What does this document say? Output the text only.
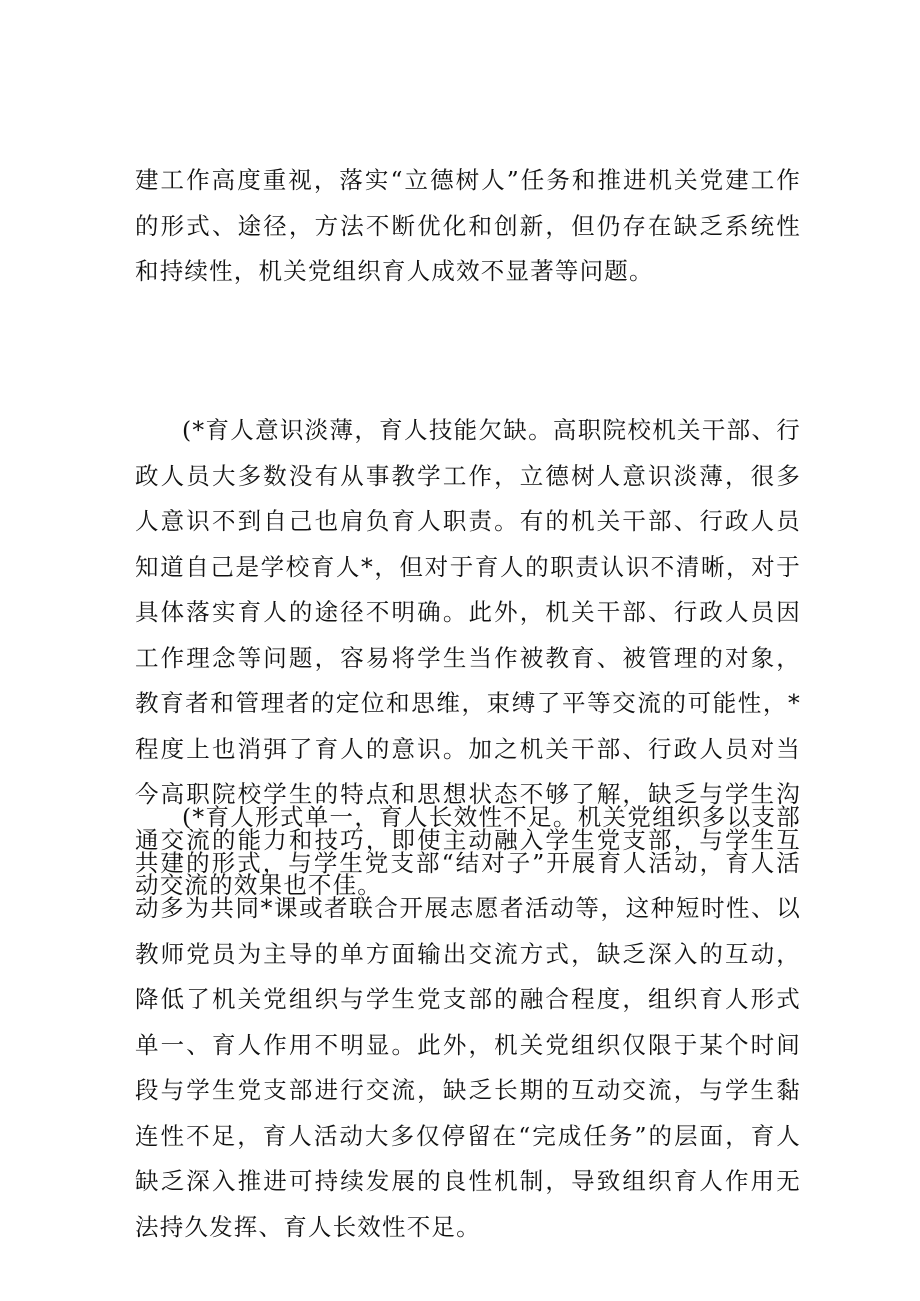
建工作高度重视，落实“立德树人”任务和推进机关党建工作的形式、途径，方法不断优化和创新，但仍存在缺乏系统性和持续性，机关党组织育人成效不显著等问题。

(*育人意识淡薄，育人技能欠缺。高职院校机关干部、行政人员大多数没有从事教学工作，立德树人意识淡薄，很多人意识不到自己也肩负育人职责。有的机关干部、行政人员知道自己是学校育人*，但对于育人的职责认识不清晰，对于具体落实育人的途径不明确。此外，机关干部、行政人员因工作理念等问题，容易将学生当作被教育、被管理的对象，教育者和管理者的定位和思维，束缚了平等交流的可能性，*程度上也消弭了育人的意识。加之机关干部、行政人员对当今高职院校学生的特点和思想状态不够了解，缺乏与学生沟通交流的能力和技巧，即使主动融入学生党支部，与学生互动交流的效果也不佳。

(*育人形式单一，育人长效性不足。机关党组织多以支部共建的形式，与学生党支部“结对子”开展育人活动，育人活动多为共同*课或者联合开展志愿者活动等，这种短时性、以教师党员为主导的单方面输出交流方式，缺乏深入的互动，降低了机关党组织与学生党支部的融合程度，组织育人形式单一、育人作用不明显。此外，机关党组织仅限于某个时间段与学生党支部进行交流，缺乏长期的互动交流，与学生黏连性不足，育人活动大多仅停留在“完成任务”的层面，育人缺乏深入推进可持续发展的良性机制，导致组织育人作用无法持久发挥、育人长效性不足。
